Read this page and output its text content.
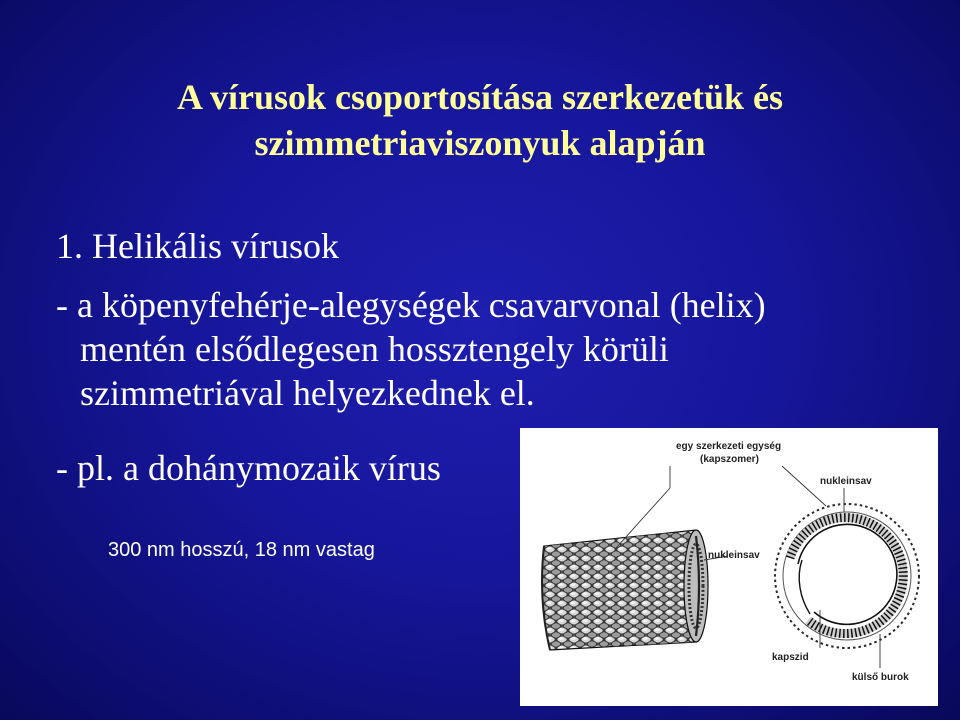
A vírusok csoportosítása szerkezetük és
szimmetriaviszonyuk alapján
1. Helikális vírusok
- a köpenyfehérje-alegységek csavarvonal (helix)
mentén elsődlegesen hossztengely körüli
szimmetriával helyezkednek el.
- pl. a dohánymozaik vírus
300 nm hosszú, 18 nm vastag
egy szerkezeti egység
(kapszomer)
nukleinsav
nukleinsav
kapszid
külső burok
